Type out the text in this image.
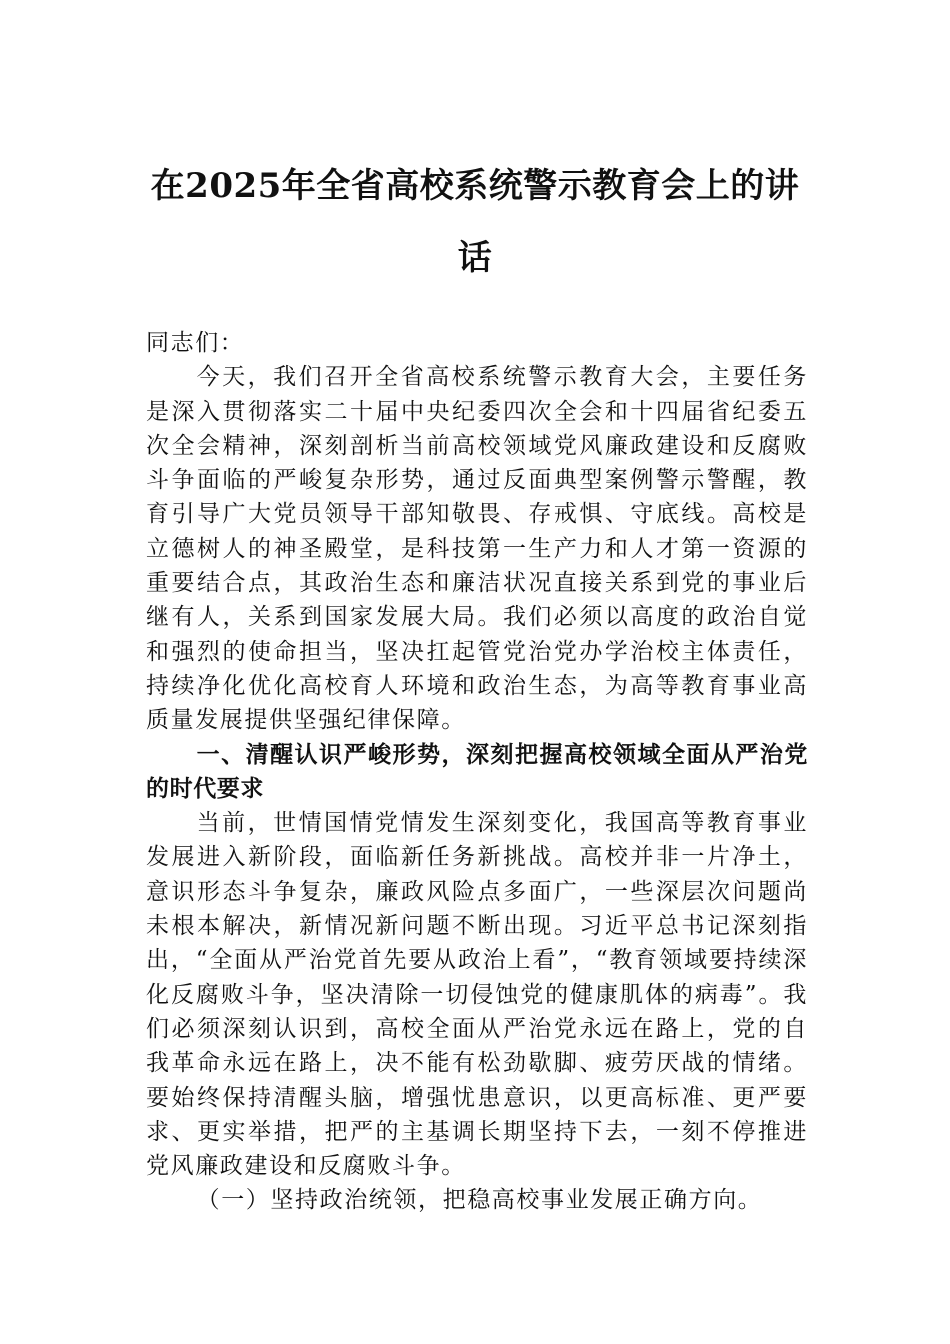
在2025年全省高校系统警示教育会上的讲话

同志们：

今天，我们召开全省高校系统警示教育大会，主要任务是深入贯彻落实二十届中央纪委四次全会和十四届省纪委五次全会精神，深刻剖析当前高校领域党风廉政建设和反腐败斗争面临的严峻复杂形势，通过反面典型案例警示警醒，教育引导广大党员领导干部知敬畏、存戒惧、守底线。高校是立德树人的神圣殿堂，是科技第一生产力和人才第一资源的重要结合点，其政治生态和廉洁状况直接关系到党的事业后继有人，关系到国家发展大局。我们必须以高度的政治自觉和强烈的使命担当，坚决扛起管党治党办学治校主体责任，持续净化优化高校育人环境和政治生态，为高等教育事业高质量发展提供坚强纪律保障。

一、清醒认识严峻形势，深刻把握高校领域全面从严治党的时代要求

当前，世情国情党情发生深刻变化，我国高等教育事业发展进入新阶段，面临新任务新挑战。高校并非一片净土，意识形态斗争复杂，廉政风险点多面广，一些深层次问题尚未根本解决，新情况新问题不断出现。习近平总书记深刻指出，“全面从严治党首先要从政治上看”，“教育领域要持续深化反腐败斗争，坚决清除一切侵蚀党的健康肌体的病毒”。我们必须深刻认识到，高校全面从严治党永远在路上，党的自我革命永远在路上，决不能有松劲歇脚、疲劳厌战的情绪。要始终保持清醒头脑，增强忧患意识，以更高标准、更严要求、更实举措，把严的主基调长期坚持下去，一刻不停推进党风廉政建设和反腐败斗争。

（一）坚持政治统领，把稳高校事业发展正确方向。
